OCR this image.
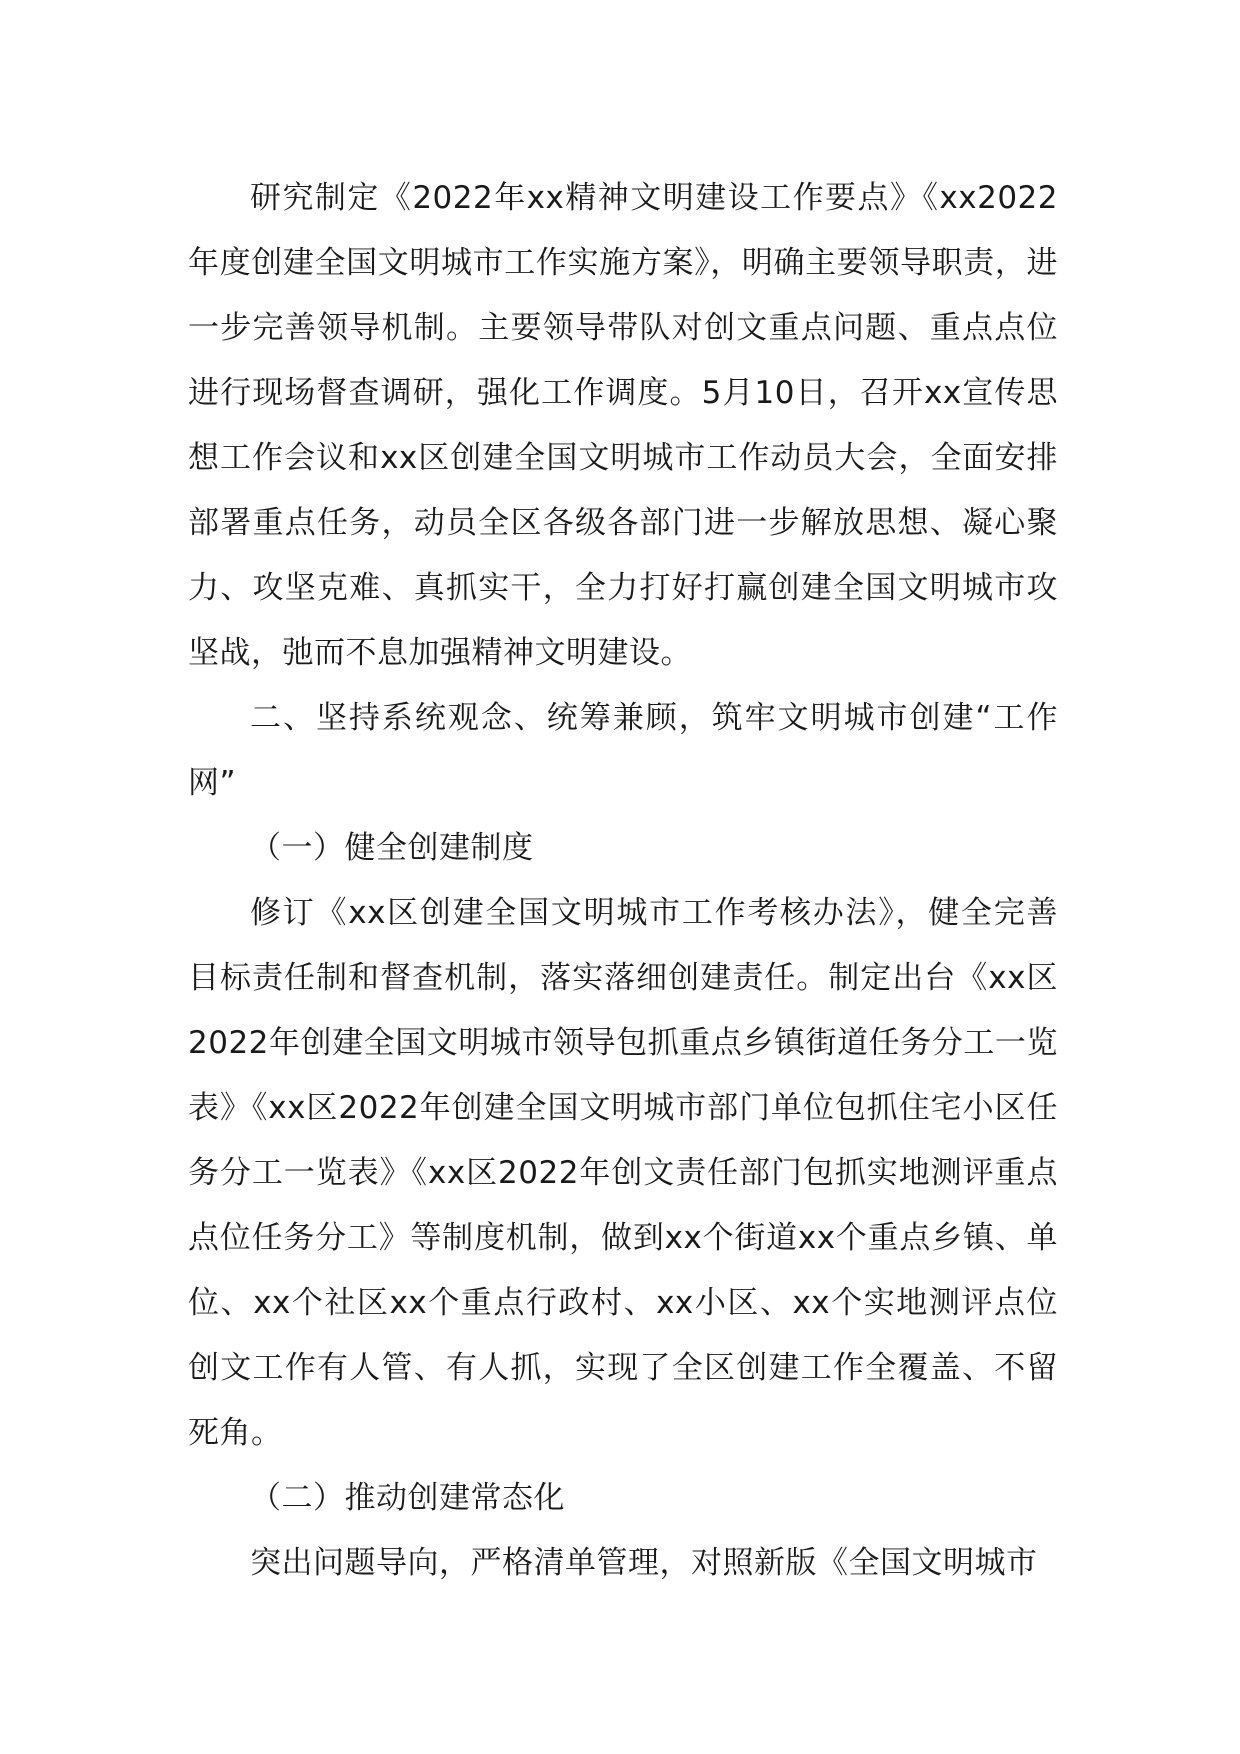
研究制定《2022年xx精神文明建设工作要点》《xx2022年度创建全国文明城市工作实施方案》，明确主要领导职责，进一步完善领导机制。主要领导带队对创文重点问题、重点点位进行现场督查调研，强化工作调度。5月10日，召开xx宣传思想工作会议和xx区创建全国文明城市工作动员大会，全面安排部署重点任务，动员全区各级各部门进一步解放思想、凝心聚力、攻坚克难、真抓实干，全力打好打赢创建全国文明城市攻坚战，弛而不息加强精神文明建设。

二、坚持系统观念、统筹兼顾，筑牢文明城市创建“工作网”

（一）健全创建制度

修订《xx区创建全国文明城市工作考核办法》，健全完善目标责任制和督查机制，落实落细创建责任。制定出台《xx区2022年创建全国文明城市领导包抓重点乡镇街道任务分工一览表》《xx区2022年创建全国文明城市部门单位包抓住宅小区任务分工一览表》《xx区2022年创文责任部门包抓实地测评重点点位任务分工》等制度机制，做到xx个街道xx个重点乡镇、单位、xx个社区xx个重点行政村、xx小区、xx个实地测评点位创文工作有人管、有人抓，实现了全区创建工作全覆盖、不留死角。

（二）推动创建常态化

突出问题导向，严格清单管理，对照新版《全国文明城市
